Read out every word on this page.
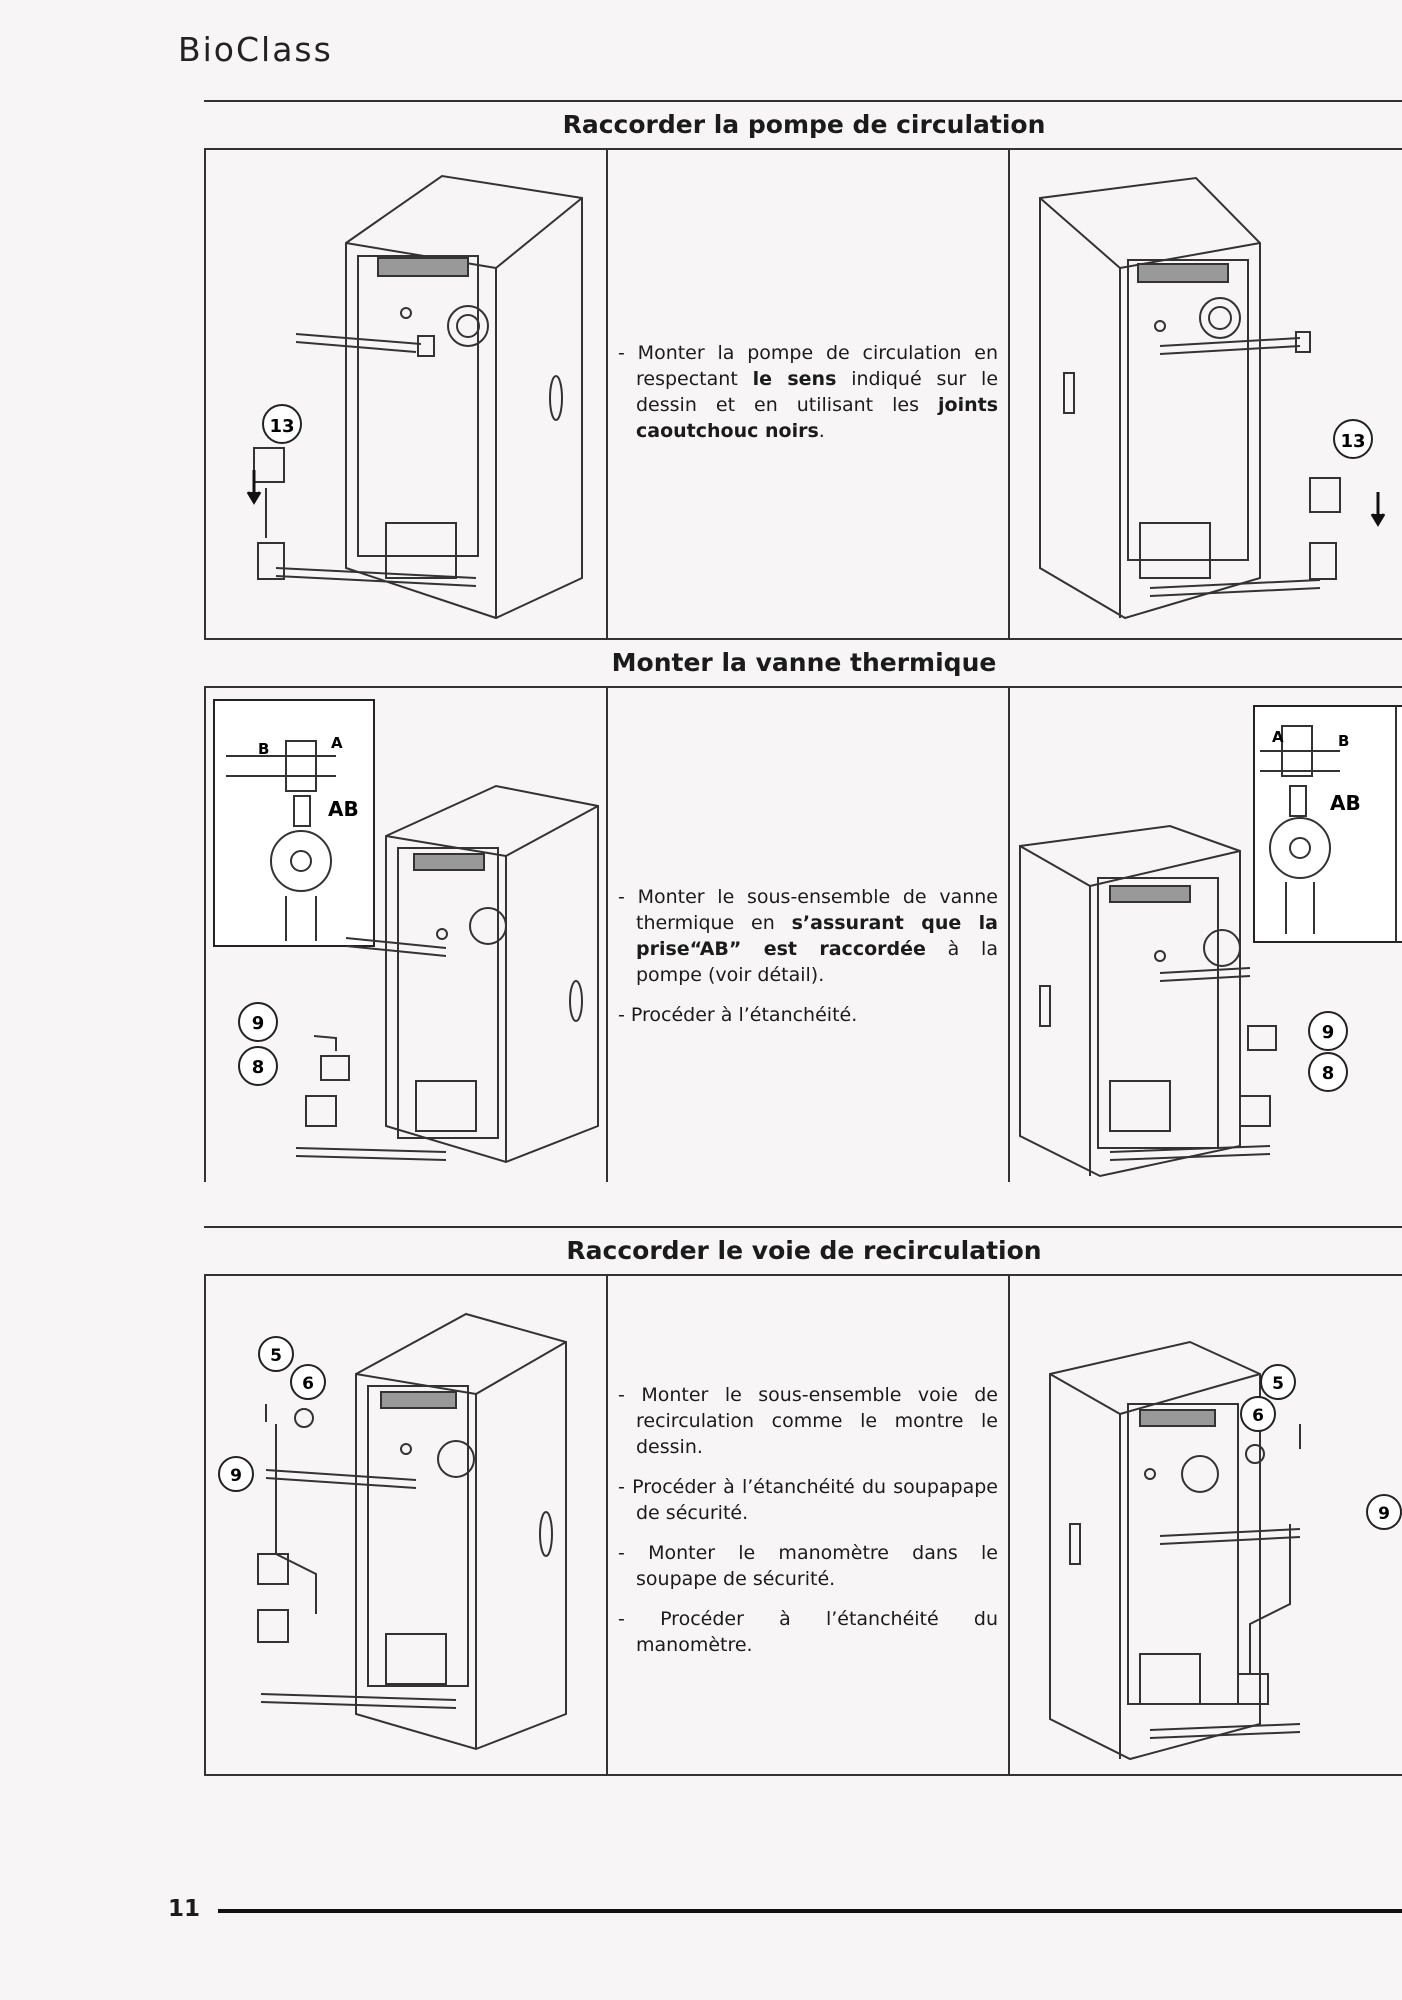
BioClass
Raccorder la pompe de circulation
13
- Monter la pompe de circulation en respectant le sens indiqué sur le dessin et en utilisant les joints caoutchouc noirs.	13
Monter la vanne thermique
B	A
AB
9
8
- Monter le sous-ensemble de vanne thermique en s’assurant que la prise“AB” est raccordée à la pompe (voir détail).
- Procéder à l’étanchéité.
A	B
AB
9
8
Raccorder le voie de recirculation
5
6
9
- Monter le sous-ensemble voie de recirculation comme le montre le dessin.
- Procéder à l’étanchéité du soupapape de sécurité.
- Monter le manomètre dans le soupape de sécurité.
- Procéder à l’étanchéité du manomètre.
6
5
9
11
